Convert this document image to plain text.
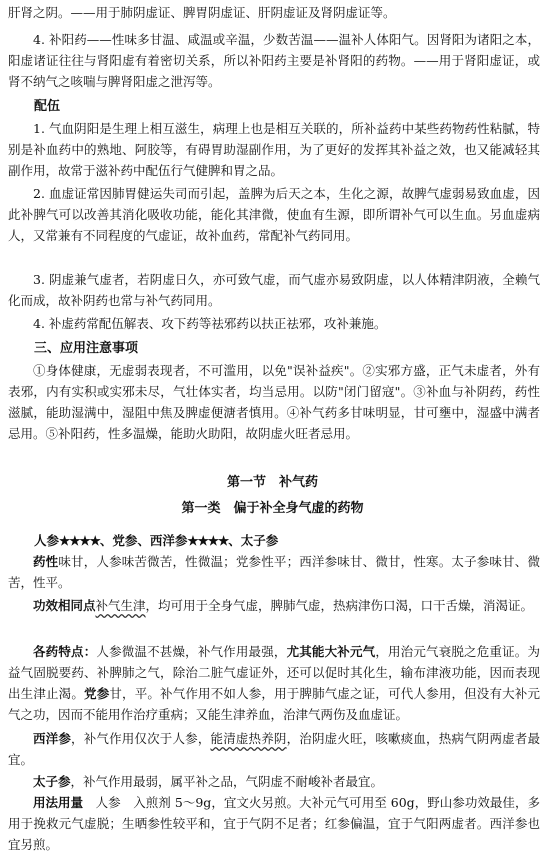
肝肾之阴。——用于肺阴虚证、脾胃阴虚证、肝阴虚证及肾阴虚证等。

4. 补阳药——性味多甘温、咸温或辛温，少数苦温——温补人体阳气。因肾阳为诸阳之本，阳虚诸证往往与肾阳虚有着密切关系，所以补阳药主要是补肾阳的药物。——用于肾阳虚证，或肾不纳气之咳喘与脾肾阳虚之泄泻等。

配伍

1. 气血阴阳是生理上相互滋生，病理上也是相互关联的，所补益药中某些药物药性粘腻，特别是补血药中的熟地、阿胶等，有碍胃助湿副作用，为了更好的发挥其补益之效，也又能减轻其副作用，故常于滋补药中配伍行气健脾和胃之品。

2. 血虚证常因肺胃健运失司而引起，盖脾为后天之本，生化之源，故脾气虚弱易致血虚，因此补脾气可以改善其消化吸收功能，能化其津微，使血有生源，即所谓补气可以生血。另血虚病人，又常兼有不同程度的气虚证，故补血药，常配补气药同用。

3. 阴虚兼气虚者，若阴虚日久，亦可致气虚，而气虚亦易致阴虚，以人体精津阴液，全赖气化而成，故补阴药也常与补气药同用。

4. 补虚药常配伍解表、攻下药等祛邪药以扶正祛邪，攻补兼施。

三、应用注意事项

①身体健康，无虚弱表现者，不可滥用，以免"误补益疾"。②实邪方盛，正气未虚者，外有表邪，内有实积或实邪未尽，气壮体实者，均当忌用。以防"闭门留寇"。③补血与补阴药，药性滋腻，能助湿满中，湿阻中焦及脾虚便溏者慎用。④补气药多甘味明显，甘可壅中，湿盛中满者忌用。⑤补阳药，性多温燥，能助火助阳，故阴虚火旺者忌用。

第一节　补气药

第一类　偏于补全身气虚的药物

人参★★★★、党参、西洋参★★★★、太子参

药性味甘，人参味苦微苦，性微温；党参性平；西洋参味甘、微甘，性寒。太子参味甘、微苦，性平。

功效相同点补气生津，均可用于全身气虚，脾肺气虚，热病津伤口渴，口干舌燥，消渴证。

各药特点：人参微温不甚燥，补气作用最强，尤其能大补元气，用治元气衰脱之危重证。为益气固脱要药、补脾肺之气，除治二脏气虚证外，还可以促时其化生，输布津液功能，因而表现出生津止渴。党参甘，平。补气作用不如人参，用于脾肺气虚之证，可代人参用，但没有大补元气之功，因而不能用作治疗重病；又能生津养血，治津气两伤及血虚证。

西洋参，补气作用仅次于人参，能清虚热养阴，治阴虚火旺，咳嗽痰血，热病气阴两虚者最宜。

太子参，补气作用最弱，属平补之品，气阴虚不耐峻补者最宜。

用法用量　人参　入煎剂 5～9g，宜文火另煎。大补元气可用至 60g，野山参功效最佳，多用于挽救元气虚脱；生晒参性较平和，宜于气阴不足者；红参偏温，宜于气阳两虚者。西洋参也宜另煎。
